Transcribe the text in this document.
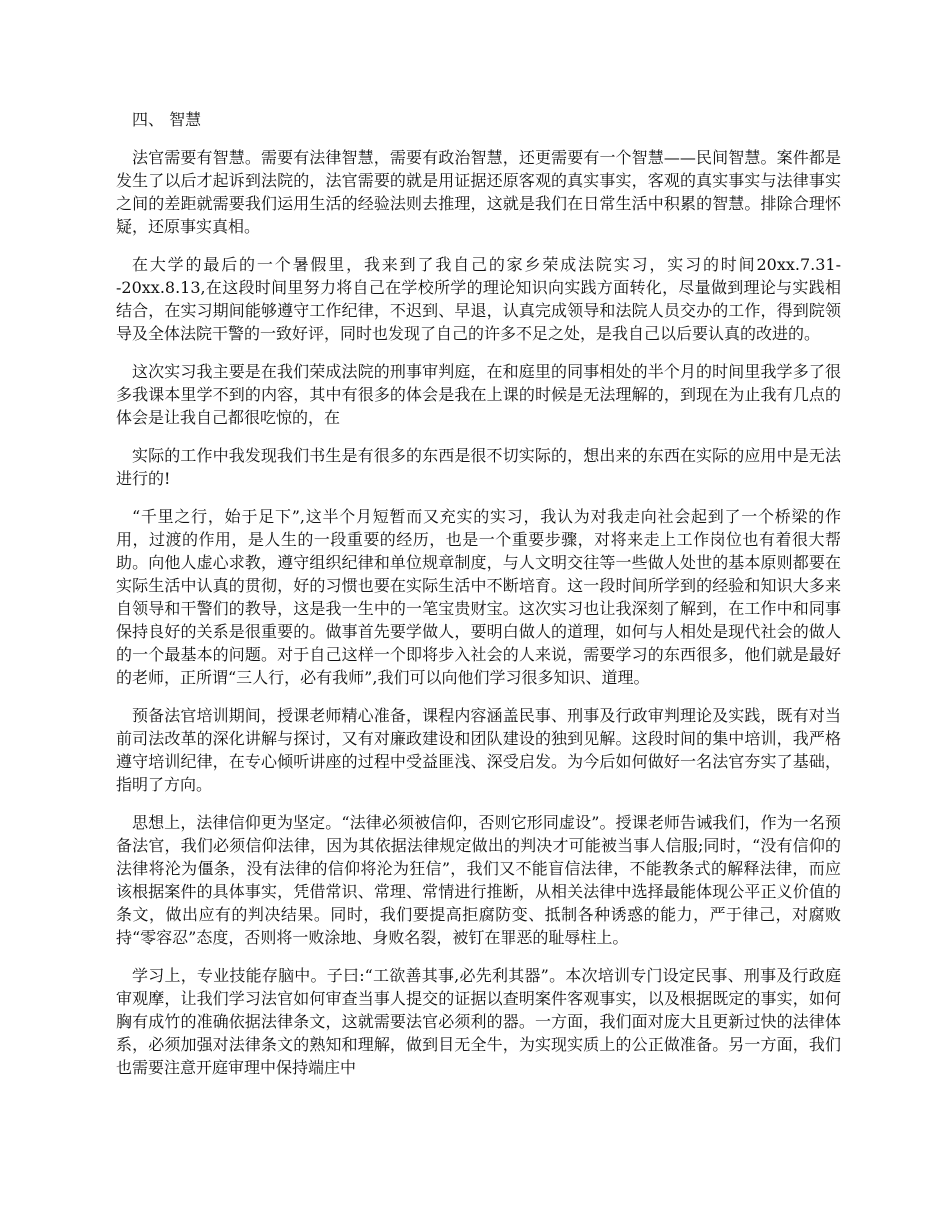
四、 智慧

法官需要有智慧。需要有法律智慧，需要有政治智慧，还更需要有一个智慧——民间智慧。案件都是发生了以后才起诉到法院的，法官需要的就是用证据还原客观的真实事实，客观的真实事实与法律事实之间的差距就需要我们运用生活的经验法则去推理，这就是我们在日常生活中积累的智慧。排除合理怀疑，还原事实真相。

在大学的最后的一个暑假里，我来到了我自己的家乡荣成法院实习，实习的时间20xx.7.31--20xx.8.13,在这段时间里努力将自己在学校所学的理论知识向实践方面转化，尽量做到理论与实践相结合，在实习期间能够遵守工作纪律，不迟到、早退，认真完成领导和法院人员交办的工作，得到院领导及全体法院干警的一致好评，同时也发现了自己的许多不足之处，是我自己以后要认真的改进的。

这次实习我主要是在我们荣成法院的刑事审判庭，在和庭里的同事相处的半个月的时间里我学多了很多我课本里学不到的内容，其中有很多的体会是我在上课的时候是无法理解的，到现在为止我有几点的体会是让我自己都很吃惊的，在

实际的工作中我发现我们书生是有很多的东西是很不切实际的，想出来的东西在实际的应用中是无法进行的!

“千里之行，始于足下”,这半个月短暂而又充实的实习，我认为对我走向社会起到了一个桥梁的作用，过渡的作用，是人生的一段重要的经历，也是一个重要步骤，对将来走上工作岗位也有着很大帮助。向他人虚心求教，遵守组织纪律和单位规章制度，与人文明交往等一些做人处世的基本原则都要在实际生活中认真的贯彻，好的习惯也要在实际生活中不断培育。这一段时间所学到的经验和知识大多来自领导和干警们的教导，这是我一生中的一笔宝贵财宝。这次实习也让我深刻了解到，在工作中和同事保持良好的关系是很重要的。做事首先要学做人，要明白做人的道理，如何与人相处是现代社会的做人的一个最基本的问题。对于自己这样一个即将步入社会的人来说，需要学习的东西很多，他们就是最好的老师，正所谓“三人行，必有我师”,我们可以向他们学习很多知识、道理。

预备法官培训期间，授课老师精心准备，课程内容涵盖民事、刑事及行政审判理论及实践，既有对当前司法改革的深化讲解与探讨，又有对廉政建设和团队建设的独到见解。这段时间的集中培训，我严格遵守培训纪律，在专心倾听讲座的过程中受益匪浅、深受启发。为今后如何做好一名法官夯实了基础，指明了方向。

思想上，法律信仰更为坚定。“法律必须被信仰，否则它形同虚设”。授课老师告诫我们，作为一名预备法官，我们必须信仰法律，因为其依据法律规定做出的判决才可能被当事人信服;同时，“没有信仰的法律将沦为僵条，没有法律的信仰将沦为狂信”，我们又不能盲信法律，不能教条式的解释法律，而应该根据案件的具体事实，凭借常识、常理、常情进行推断，从相关法律中选择最能体现公平正义价值的条文，做出应有的判决结果。同时，我们要提高拒腐防变、抵制各种诱惑的能力，严于律己，对腐败持“零容忍”态度，否则将一败涂地、身败名裂，被钉在罪恶的耻辱柱上。

学习上，专业技能存脑中。子曰:“工欲善其事,必先利其器”。本次培训专门设定民事、刑事及行政庭审观摩，让我们学习法官如何审查当事人提交的证据以查明案件客观事实，以及根据既定的事实，如何胸有成竹的准确依据法律条文，这就需要法官必须利的器。一方面，我们面对庞大且更新过快的法律体系，必须加强对法律条文的熟知和理解，做到目无全牛，为实现实质上的公正做准备。另一方面，我们也需要注意开庭审理中保持端庄中
